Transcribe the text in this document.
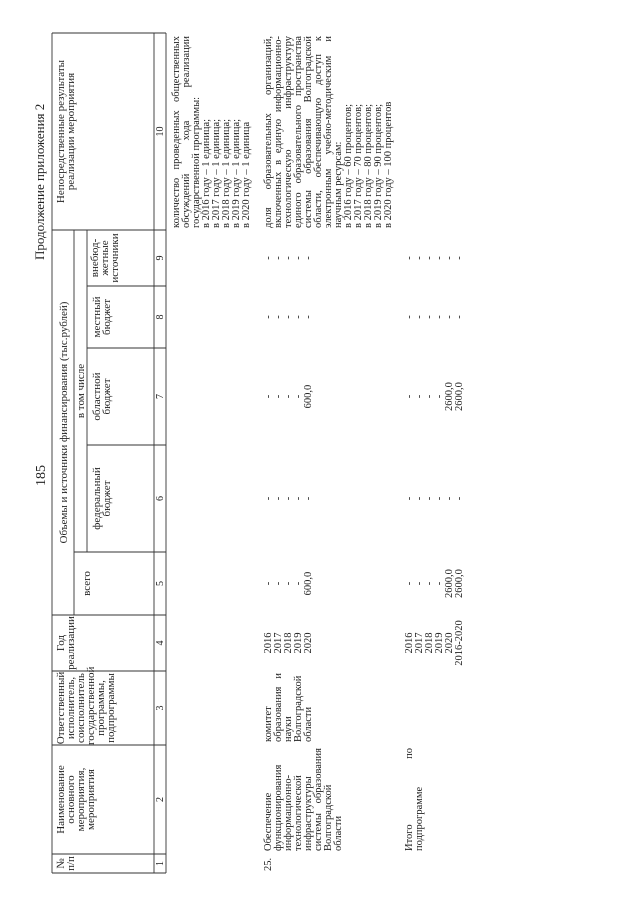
185
Продолжение приложения 2
№
п/п
Наименование
основного
мероприятия,
мероприятия
Ответственный
исполнитель,
соисполнитель
государственной
программы,
подпрограммы
Год
реализации
Объемы и источники финансирования (тыс.рублей)
всего
в том числе
федеральный
бюджет
областной
бюджет
местный
бюджет
внебюд-
жетные
источники
Непосредственные результаты
реализации мероприятия
1
2
3
4
5
6
7
8
9
10
количество проведенных общественных обсуждений хода реализации государственной программы:
в 2016 году – 1 единица;
в 2017 году – 1 единица;
в 2018 году – 1 единица;
в 2019 году – 1 единица;
в 2020 году – 1 единица
25.
Обеспечение функционирования информационно-технологической инфраструктуры системы образования Волгоградской области
комитет образования и науки Волгоградской области
2016
2017
2018
2019
2020
-
-
-
-
600,0
-
-
-
-
-
-
-
-
-
600,0
-
-
-
-
-
-
-
-
-
-
доля образовательных организаций, включенных в единую информационно-технологическую инфраструктуру единого образовательного пространства системы образования Волгоградской области, обеспечивающую доступ к электронным учебно-методическим и научным ресурсам:
в 2016 году – 60 процентов;
в 2017 году – 70 процентов;
в 2018 году – 80 процентов;
в 2019 году – 90 процентов;
в 2020 году – 100 процентов
Итого по подпрограмме
2016
2017
2018
2019
2020
2016-2020
-
-
-
-
2600,0
2600,0
-
-
-
-
-
-
-
-
-
-
2600,0
2600,0
-
-
-
-
-
-
-
-
-
-
-
-
